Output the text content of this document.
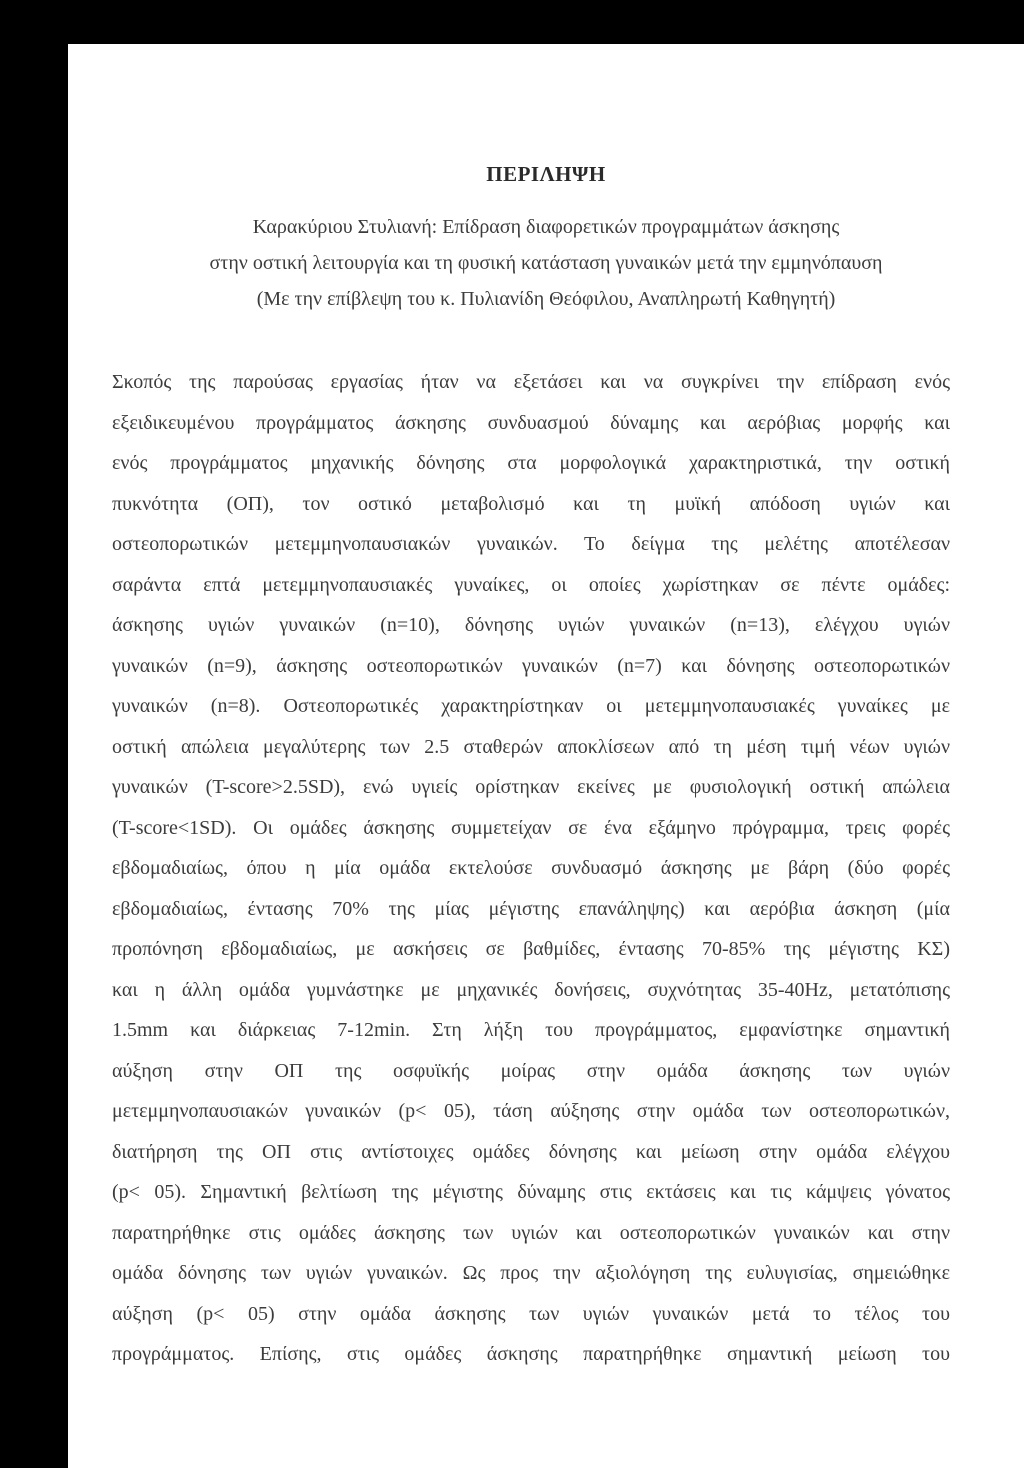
ΠΕΡΙΛΗΨΗ
Καρακύριου Στυλιανή: Επίδραση διαφορετικών προγραμμάτων άσκησης
στην οστική λειτουργία και τη φυσική κατάσταση γυναικών μετά την εμμηνόπαυση
(Με την επίβλεψη του κ. Πυλιανίδη Θεόφιλου, Αναπληρωτή Καθηγητή)
Σκοπός της παρούσας εργασίας ήταν να εξετάσει και να συγκρίνει την επίδραση ενός
εξειδικευμένου προγράμματος άσκησης συνδυασμού δύναμης και αερόβιας μορφής και
ενός προγράμματος μηχανικής δόνησης στα μορφολογικά χαρακτηριστικά, την οστική
πυκνότητα (ΟΠ), τον οστικό μεταβολισμό και τη μυϊκή απόδοση υγιών και
οστεοπορωτικών μετεμμηνοπαυσιακών γυναικών. Το δείγμα της μελέτης αποτέλεσαν
σαράντα επτά μετεμμηνοπαυσιακές γυναίκες, οι οποίες χωρίστηκαν σε πέντε ομάδες:
άσκησης υγιών γυναικών (n=10), δόνησης υγιών γυναικών (n=13), ελέγχου υγιών
γυναικών (n=9), άσκησης οστεοπορωτικών γυναικών (n=7) και δόνησης οστεοπορωτικών
γυναικών (n=8). Οστεοπορωτικές χαρακτηρίστηκαν οι μετεμμηνοπαυσιακές γυναίκες με
οστική απώλεια μεγαλύτερης των 2.5 σταθερών αποκλίσεων από τη μέση τιμή νέων υγιών
γυναικών (T-score>2.5SD), ενώ υγιείς ορίστηκαν εκείνες με φυσιολογική οστική απώλεια
(T-score<1SD). Οι ομάδες άσκησης συμμετείχαν σε ένα εξάμηνο πρόγραμμα, τρεις φορές
εβδομαδιαίως, όπου η μία ομάδα εκτελούσε συνδυασμό άσκησης με βάρη (δύο φορές
εβδομαδιαίως, έντασης 70% της μίας μέγιστης επανάληψης) και αερόβια άσκηση (μία
προπόνηση εβδομαδιαίως, με ασκήσεις σε βαθμίδες, έντασης 70-85% της μέγιστης ΚΣ)
και η άλλη ομάδα γυμνάστηκε με μηχανικές δονήσεις, συχνότητας 35-40Hz, μετατόπισης
1.5mm και διάρκειας 7-12min. Στη λήξη του προγράμματος, εμφανίστηκε σημαντική
αύξηση στην ΟΠ της οσφυϊκής μοίρας στην ομάδα άσκησης των υγιών
μετεμμηνοπαυσιακών γυναικών (p< 05), τάση αύξησης στην ομάδα των οστεοπορωτικών,
διατήρηση της ΟΠ στις αντίστοιχες ομάδες δόνησης και μείωση στην ομάδα ελέγχου
(p< 05). Σημαντική βελτίωση της μέγιστης δύναμης στις εκτάσεις και τις κάμψεις γόνατος
παρατηρήθηκε στις ομάδες άσκησης των υγιών και οστεοπορωτικών γυναικών και στην
ομάδα δόνησης των υγιών γυναικών. Ως προς την αξιολόγηση της ευλυγισίας, σημειώθηκε
αύξηση (p< 05) στην ομάδα άσκησης των υγιών γυναικών μετά το τέλος του
προγράμματος. Επίσης, στις ομάδες άσκησης παρατηρήθηκε σημαντική μείωση του
